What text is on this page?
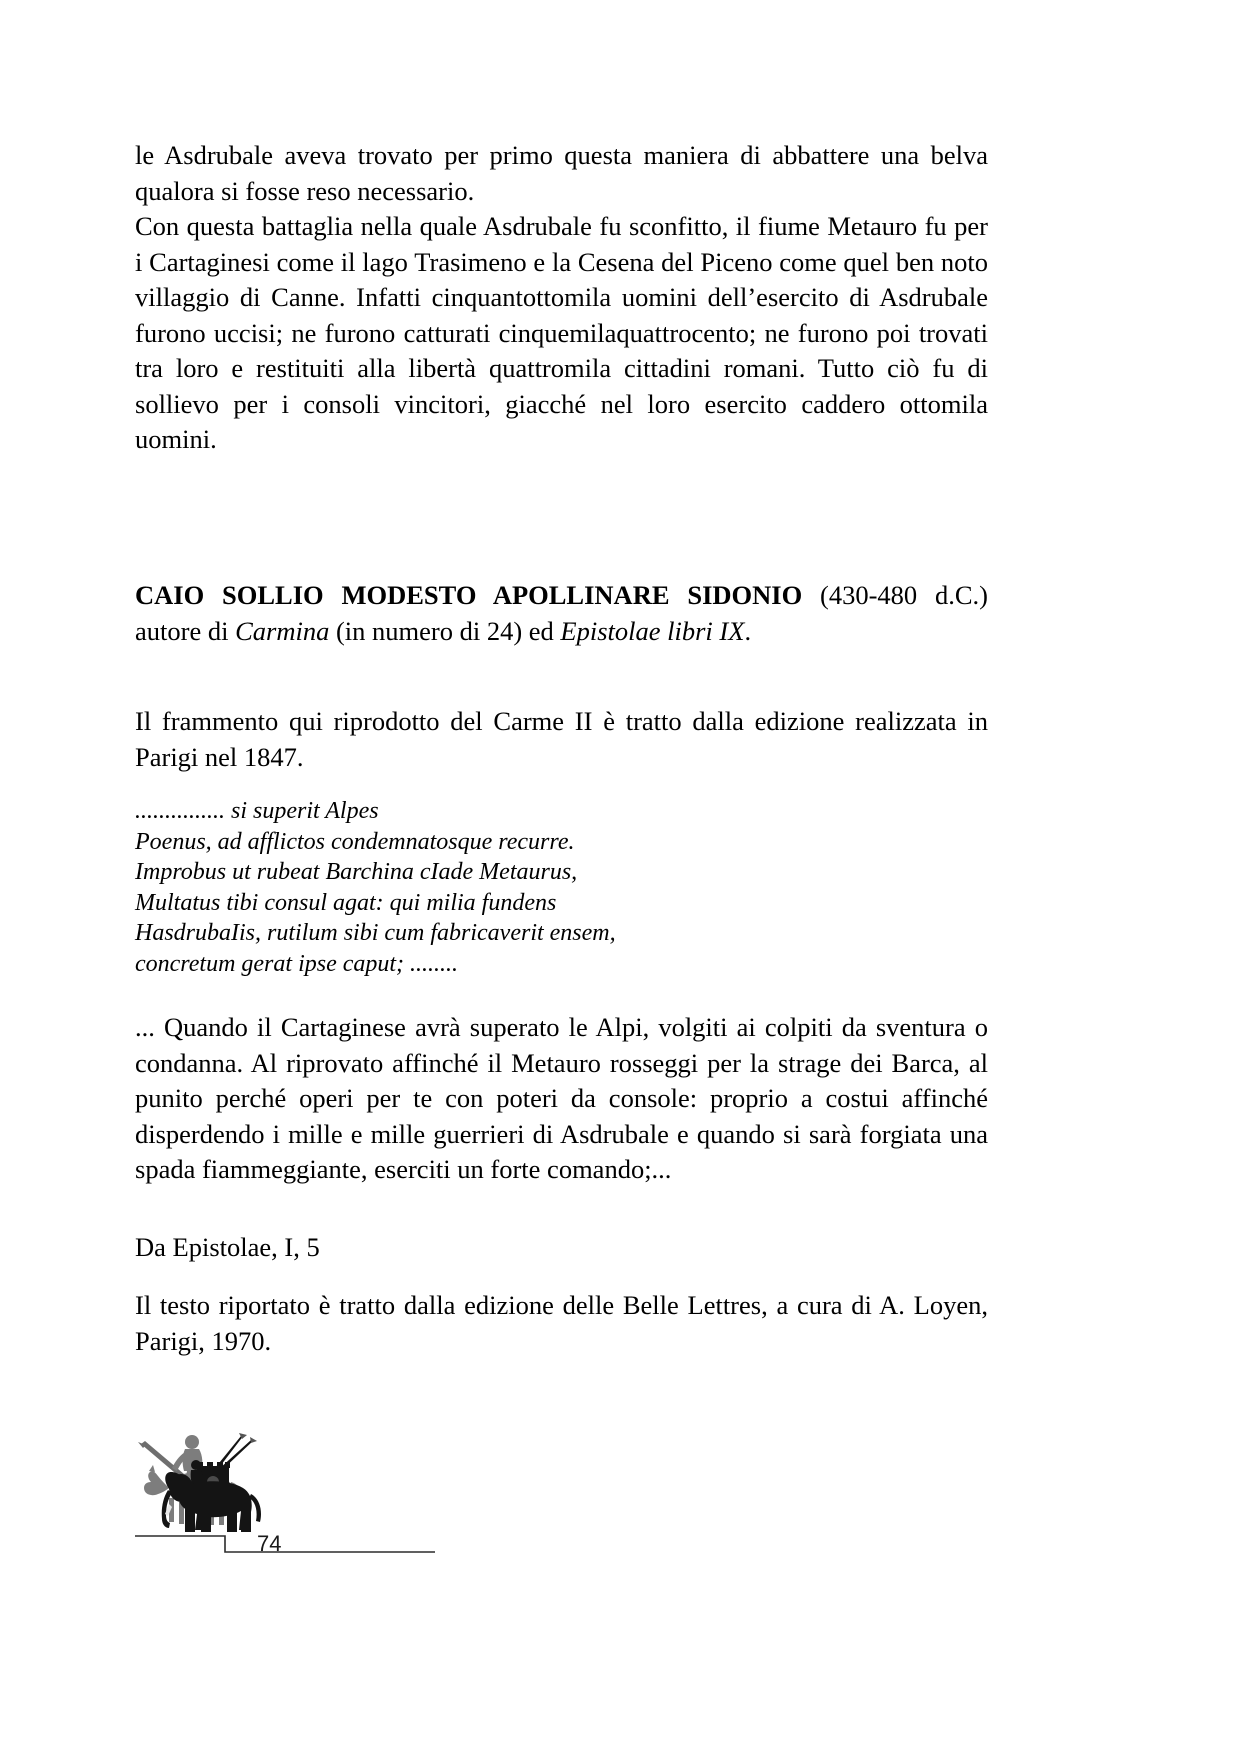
le Asdrubale aveva trovato per primo questa maniera di abbattere una belva qualora si fosse reso necessario.

Con questa battaglia nella quale Asdrubale fu sconfitto, il fiume Metauro fu per i Cartaginesi come il lago Trasimeno e la Cesena del Piceno come quel ben noto villaggio di Canne. Infatti cinquantottomila uomini dell’esercito di Asdrubale furono uccisi; ne furono catturati cinquemilaquattrocento; ne furono poi trovati tra loro e restituiti alla libertà quattromila cittadini romani. Tutto ciò fu di sollievo per i consoli vincitori, giacché nel loro esercito caddero ottomila uomini.

CAIO SOLLIO MODESTO APOLLINARE SIDONIO (430-480 d.C.) autore di Carmina (in numero di 24) ed Epistolae libri IX.

Il frammento qui riprodotto del Carme II è tratto dalla edizione realizzata in Parigi nel 1847.

............... si superit Alpes

Poenus, ad afflictos condemnatosque recurre.

Improbus ut rubeat Barchina cIade Metaurus,

Multatus tibi consul agat: qui milia fundens

HasdrubaIis, rutilum sibi cum fabricaverit ensem,

concretum gerat ipse caput; ........

... Quando il Cartaginese avrà superato le Alpi, volgiti ai colpiti da sventura o condanna. Al riprovato affinché il Metauro rosseggi per la strage dei Barca, al punito perché operi per te con poteri da console: proprio a costui affinché disperdendo i mille e mille guerrieri di Asdrubale e quando si sarà forgiata una spada fiammeggiante, eserciti un forte comando;...

Da Epistolae, I, 5

Il testo riportato è tratto dalla edizione delle Belle Lettres, a cura di A. Loyen, Parigi, 1970.

74
